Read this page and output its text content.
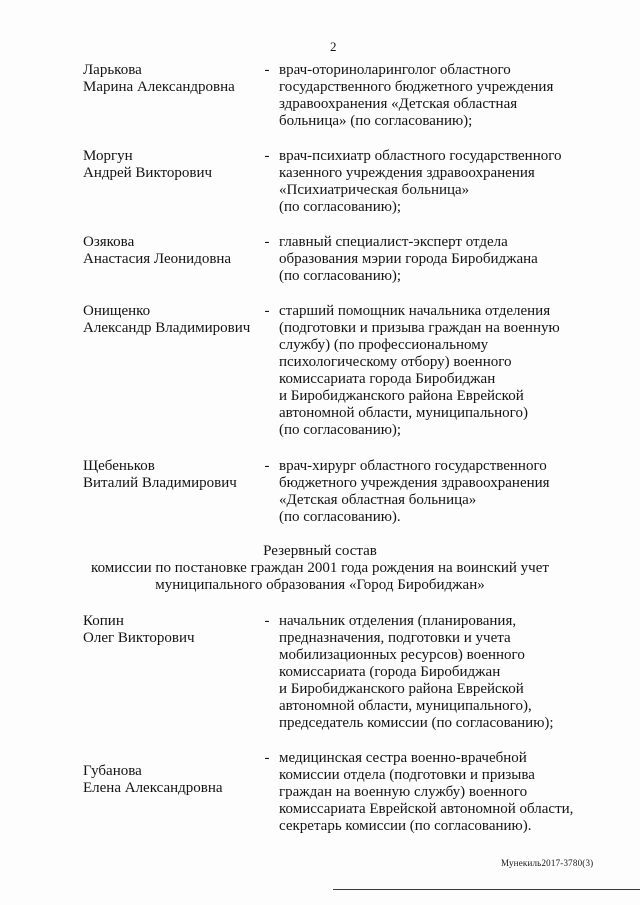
2
Ларькова
Марина Александровна
- врач-оториноларинголог областного
государственного бюджетного учреждения
здравоохранения «Детская областная
больница» (по согласованию);
Моргун
Андрей Викторович
- врач-психиатр областного государственного
казенного учреждения здравоохранения
«Психиатрическая больница»
(по согласованию);
Озякова
Анастасия Леонидовна
- главный специалист-эксперт отдела
образования мэрии города Биробиджана
(по согласованию);
Онищенко
Александр Владимирович
- старший помощник начальника отделения
(подготовки и призыва граждан на военную
службу) (по профессиональному
психологическому отбору) военного
комиссариата города Биробиджан
и Биробиджанского района Еврейской
автономной области, муниципального)
(по согласованию);
Щебеньков
Виталий Владимирович
- врач-хирург областного государственного
бюджетного учреждения здравоохранения
«Детская областная больница»
(по согласованию).
Резервный состав
комиссии по постановке граждан 2001 года рождения на воинский учет
муниципального образования «Город Биробиджан»
Копин
Олег Викторович
- начальник отделения (планирования,
предназначения, подготовки и учета
мобилизационных ресурсов) военного
комиссариата (города Биробиджан
и Биробиджанского района Еврейской
автономной области, муниципального),
председатель комиссии (по согласованию);
Губанова
Елена Александровна
- медицинская сестра военно-врачебной
комиссии отдела (подготовки и призыва
граждан на военную службу) военного
комиссариата Еврейской автономной области,
секретарь комиссии (по согласованию).
Мунекиль2017-3780(3)
